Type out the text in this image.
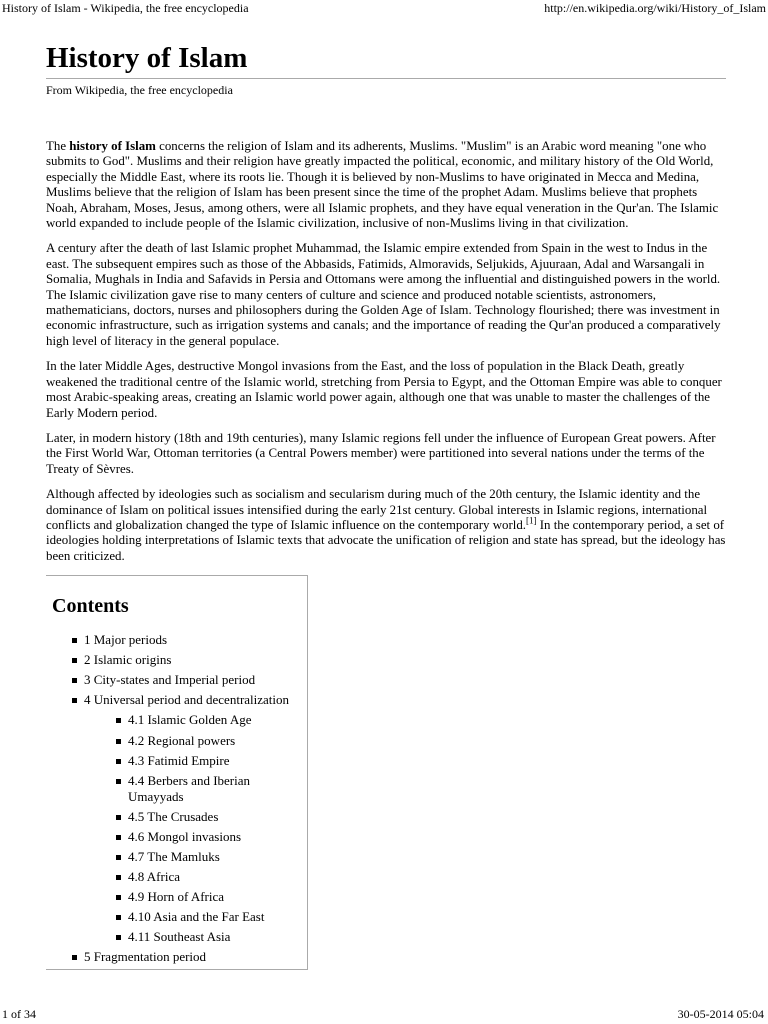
History of Islam - Wikipedia, the free encyclopedia	http://en.wikipedia.org/wiki/History_of_Islam
History of Islam
From Wikipedia, the free encyclopedia

The history of Islam concerns the religion of Islam and its adherents, Muslims. "Muslim" is an Arabic word meaning "one who submits to God". Muslims and their religion have greatly impacted the political, economic, and military history of the Old World, especially the Middle East, where its roots lie. Though it is believed by non-Muslims to have originated in Mecca and Medina, Muslims believe that the religion of Islam has been present since the time of the prophet Adam. Muslims believe that prophets Noah, Abraham, Moses, Jesus, among others, were all Islamic prophets, and they have equal veneration in the Qur'an. The Islamic world expanded to include people of the Islamic civilization, inclusive of non-Muslims living in that civilization.

A century after the death of last Islamic prophet Muhammad, the Islamic empire extended from Spain in the west to Indus in the east. The subsequent empires such as those of the Abbasids, Fatimids, Almoravids, Seljukids, Ajuuraan, Adal and Warsangali in Somalia, Mughals in India and Safavids in Persia and Ottomans were among the influential and distinguished powers in the world. The Islamic civilization gave rise to many centers of culture and science and produced notable scientists, astronomers, mathematicians, doctors, nurses and philosophers during the Golden Age of Islam. Technology flourished; there was investment in economic infrastructure, such as irrigation systems and canals; and the importance of reading the Qur'an produced a comparatively high level of literacy in the general populace.

In the later Middle Ages, destructive Mongol invasions from the East, and the loss of population in the Black Death, greatly weakened the traditional centre of the Islamic world, stretching from Persia to Egypt, and the Ottoman Empire was able to conquer most Arabic-speaking areas, creating an Islamic world power again, although one that was unable to master the challenges of the Early Modern period.

Later, in modern history (18th and 19th centuries), many Islamic regions fell under the influence of European Great powers. After the First World War, Ottoman territories (a Central Powers member) were partitioned into several nations under the terms of the Treaty of Sèvres.

Although affected by ideologies such as socialism and secularism during much of the 20th century, the Islamic identity and the dominance of Islam on political issues intensified during the early 21st century. Global interests in Islamic regions, international conflicts and globalization changed the type of Islamic influence on the contemporary world.[1] In the contemporary period, a set of ideologies holding interpretations of Islamic texts that advocate the unification of religion and state has spread, but the ideology has been criticized.

Contents
1 Major periods
2 Islamic origins
3 City-states and Imperial period
4 Universal period and decentralization
4.1 Islamic Golden Age
4.2 Regional powers
4.3 Fatimid Empire
4.4 Berbers and Iberian Umayyads
4.5 The Crusades
4.6 Mongol invasions
4.7 The Mamluks
4.8 Africa
4.9 Horn of Africa
4.10 Asia and the Far East
4.11 Southeast Asia
5 Fragmentation period
1 of 34	30-05-2014 05:04
